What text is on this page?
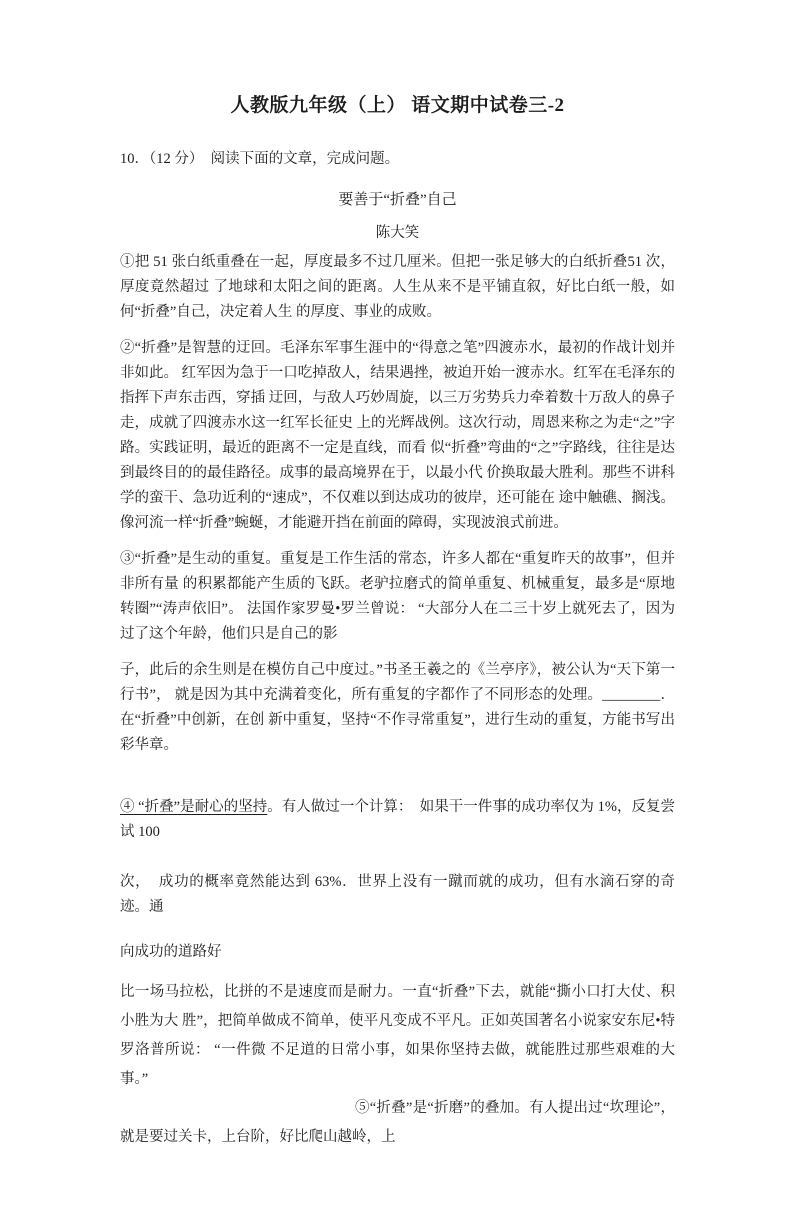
人教版九年级（上） 语文期中试卷三-2

10．（12 分）  阅读下面的文章，完成问题。

要善于“折叠”自己

陈大笑

①把 51 张白纸重叠在一起，厚度最多不过几厘米。但把一张足够大的白纸折叠51 次，厚度竟然超过 了地球和太阳之间的距离。人生从来不是平铺直叙，好比白纸一般，如何“折叠”自己，决定着人生 的厚度、事业的成败。

②“折叠”是智慧的迂回。毛泽东军事生涯中的“得意之笔”四渡赤水，最初的作战计划并非如此。 红军因为急于一口吃掉敌人，结果遇挫，被迫开始一渡赤水。红军在毛泽东的指挥下声东击西，穿插 迂回，与敌人巧妙周旋，以三万劣势兵力牵着数十万敌人的鼻子走，成就了四渡赤水这一红军长征史 上的光辉战例。这次行动，周恩来称之为走“之”字路。实践证明，最近的距离不一定是直线，而看 似“折叠”弯曲的“之”字路线，往往是达到最终目的的最佳路径。成事的最高境界在于，以最小代 价换取最大胜利。那些不讲科学的蛮干、急功近利的“速成”，不仅难以到达成功的彼岸，还可能在 途中触礁、搁浅。像河流一样“折叠”蜿蜒，才能避开挡在前面的障碍，实现波浪式前进。

③“折叠”是生动的重复。重复是工作生活的常态，许多人都在“重复昨天的故事”，但并非所有量 的积累都能产生质的飞跃。老驴拉磨式的简单重复、机械重复，最多是“原地转圈”“涛声依旧”。 法国作家罗曼•罗兰曾说： “大部分人在二三十岁上就死去了，因为过了这个年龄，他们只是自己的影

子，此后的余生则是在模仿自己中度过。”书圣王羲之的《兰亭序》，被公认为“天下第一行书”， 就是因为其中充满着变化，所有重复的字都作了不同形态的处理。________．在“折叠”中创新，在创 新中重复，坚持“不作寻常重复”，进行生动的重复，方能书写出彩华章。

④ “折叠”是耐心的坚持。有人做过一个计算：  如果干一件事的成功率仅为 1%，反复尝试 100

次，  成功的概率竟然能达到 63%．世界上没有一蹴而就的成功，但有水滴石穿的奇迹。通

向成功的道路好

比一场马拉松，比拼的不是速度而是耐力。一直“折叠”下去，就能“撕小口打大仗、积小胜为大 胜”，把简单做成不简单，使平凡变成不平凡。正如英国著名小说家安东尼•特罗洛普所说： “一件微 不足道的日常小事，如果你坚持去做，就能胜过那些艰难的大事。”

⑤“折叠”是“折磨”的叠加。有人提出过“坎理论”， 就是要过关卡，上台阶，好比爬山越岭，上
